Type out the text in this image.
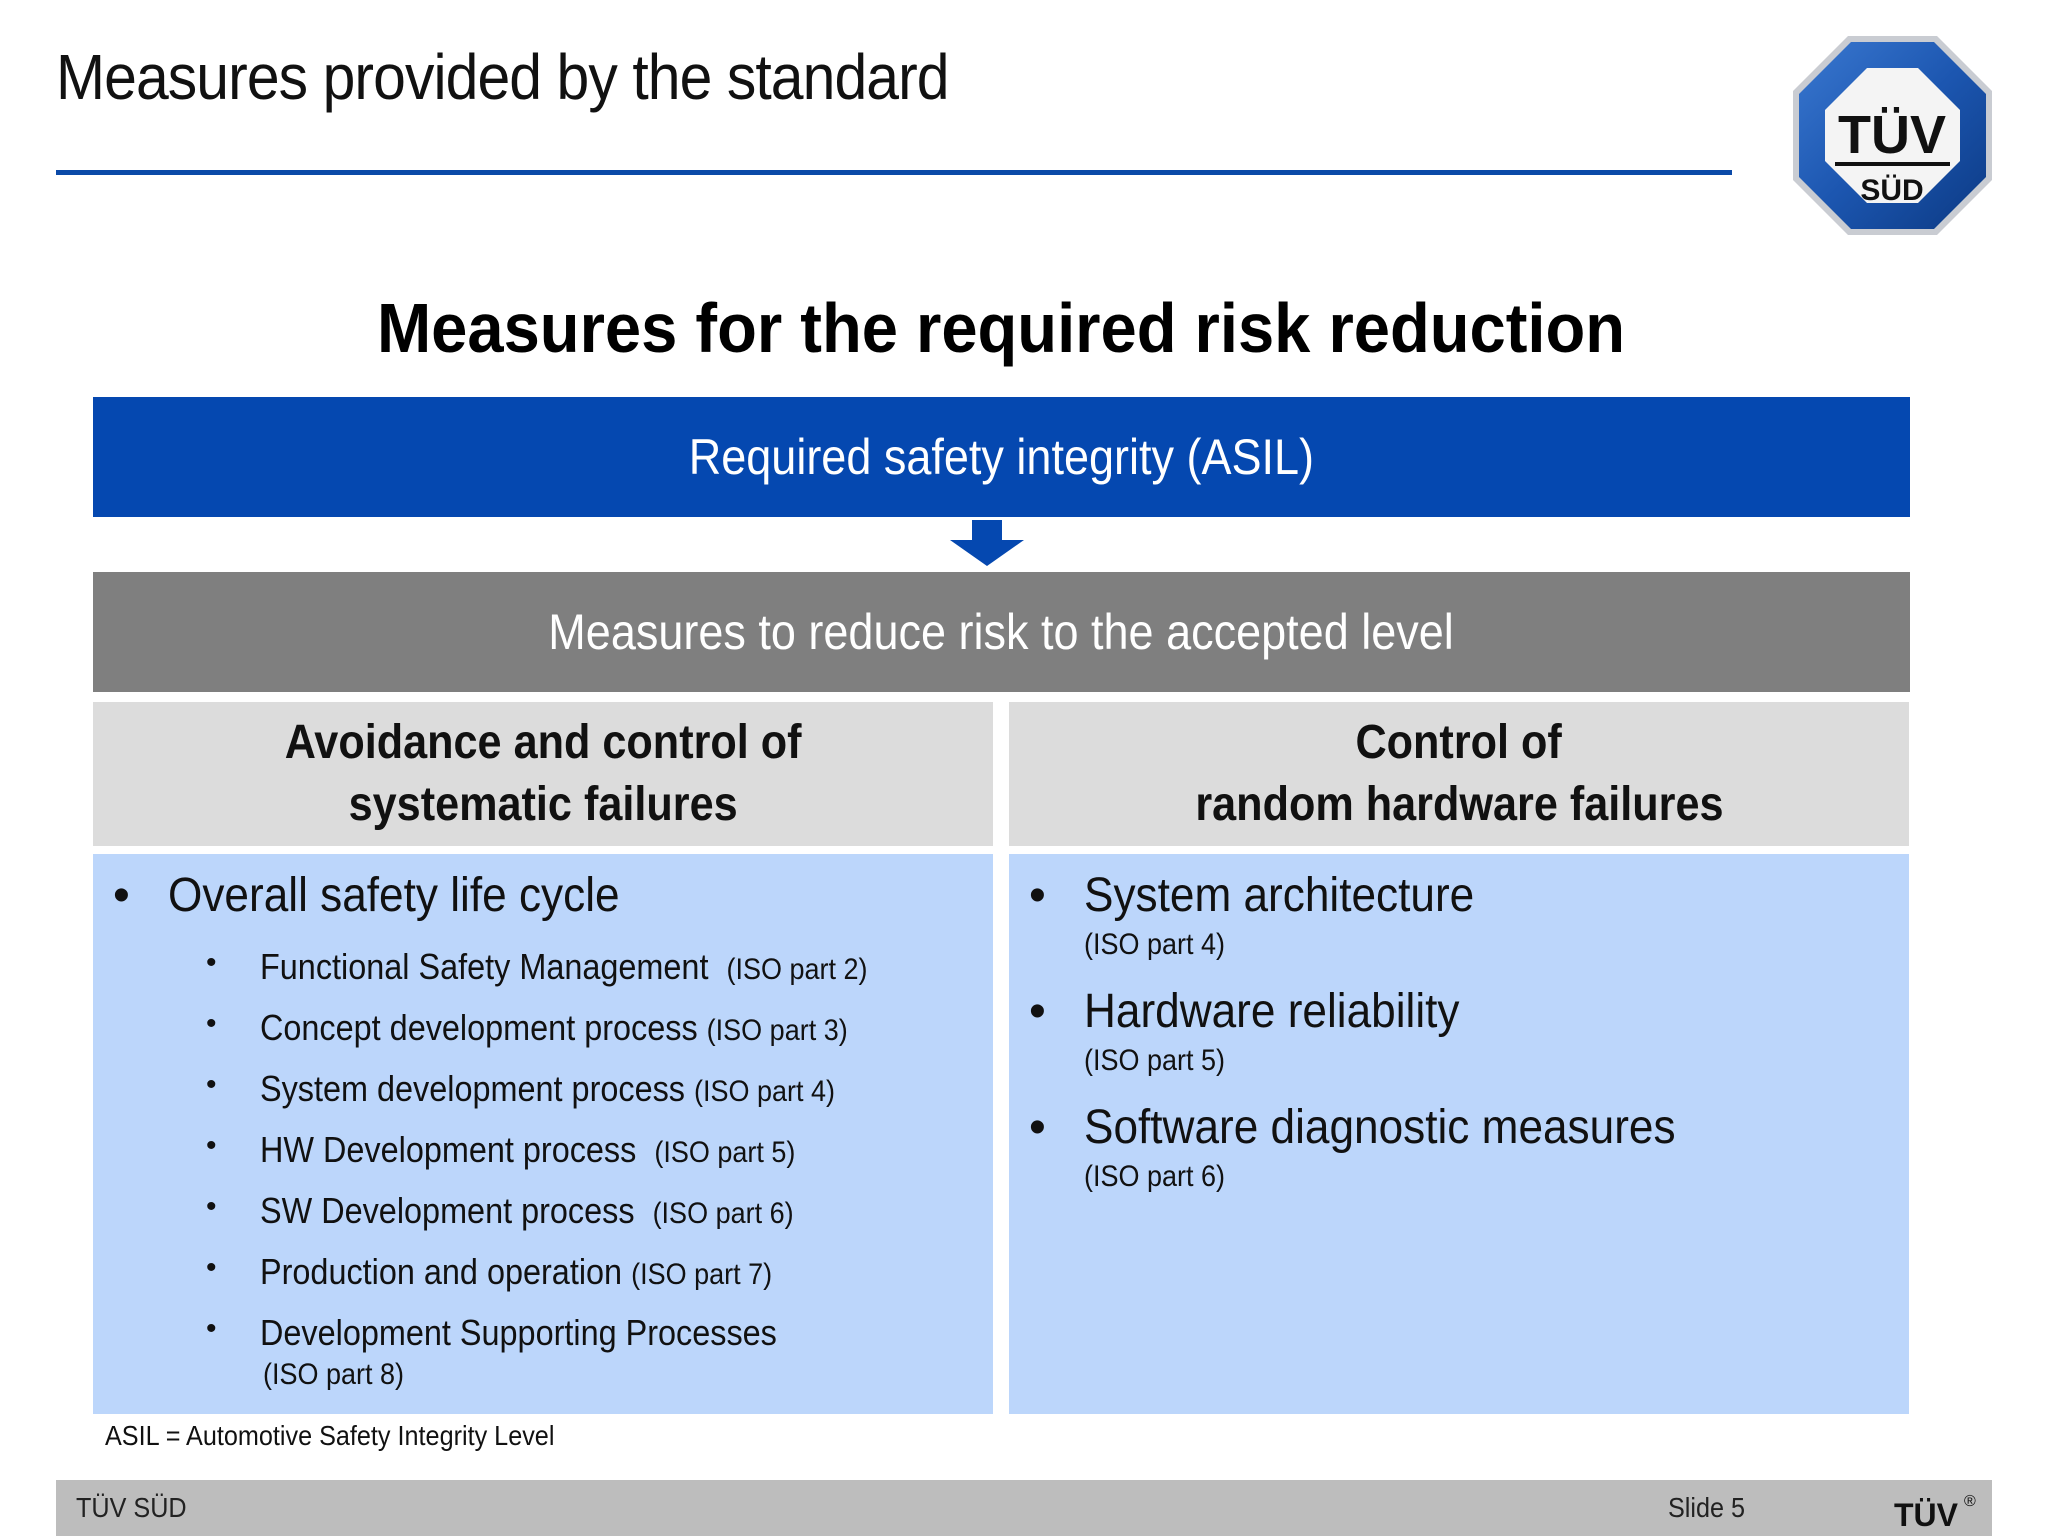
Measures provided by the standard
TÜV
SÜD
Measures for the required risk reduction
Required safety integrity (ASIL)
Measures to reduce risk to the accepted level
Avoidance and control of
systematic failures
Control of
random hardware failures
• Overall safety life cycle
• Functional Safety Management (ISO part 2)
• Concept development process (ISO part 3)
• System development process (ISO part 4)
• HW Development process (ISO part 5)
• SW Development process (ISO part 6)
• Production and operation (ISO part 7)
• Development Supporting Processes
(ISO part 8)
• System architecture
(ISO part 4)
• Hardware reliability
(ISO part 5)
• Software diagnostic measures
(ISO part 6)
ASIL = Automotive Safety Integrity Level
TÜV SÜD	Slide 5	TÜV ®
